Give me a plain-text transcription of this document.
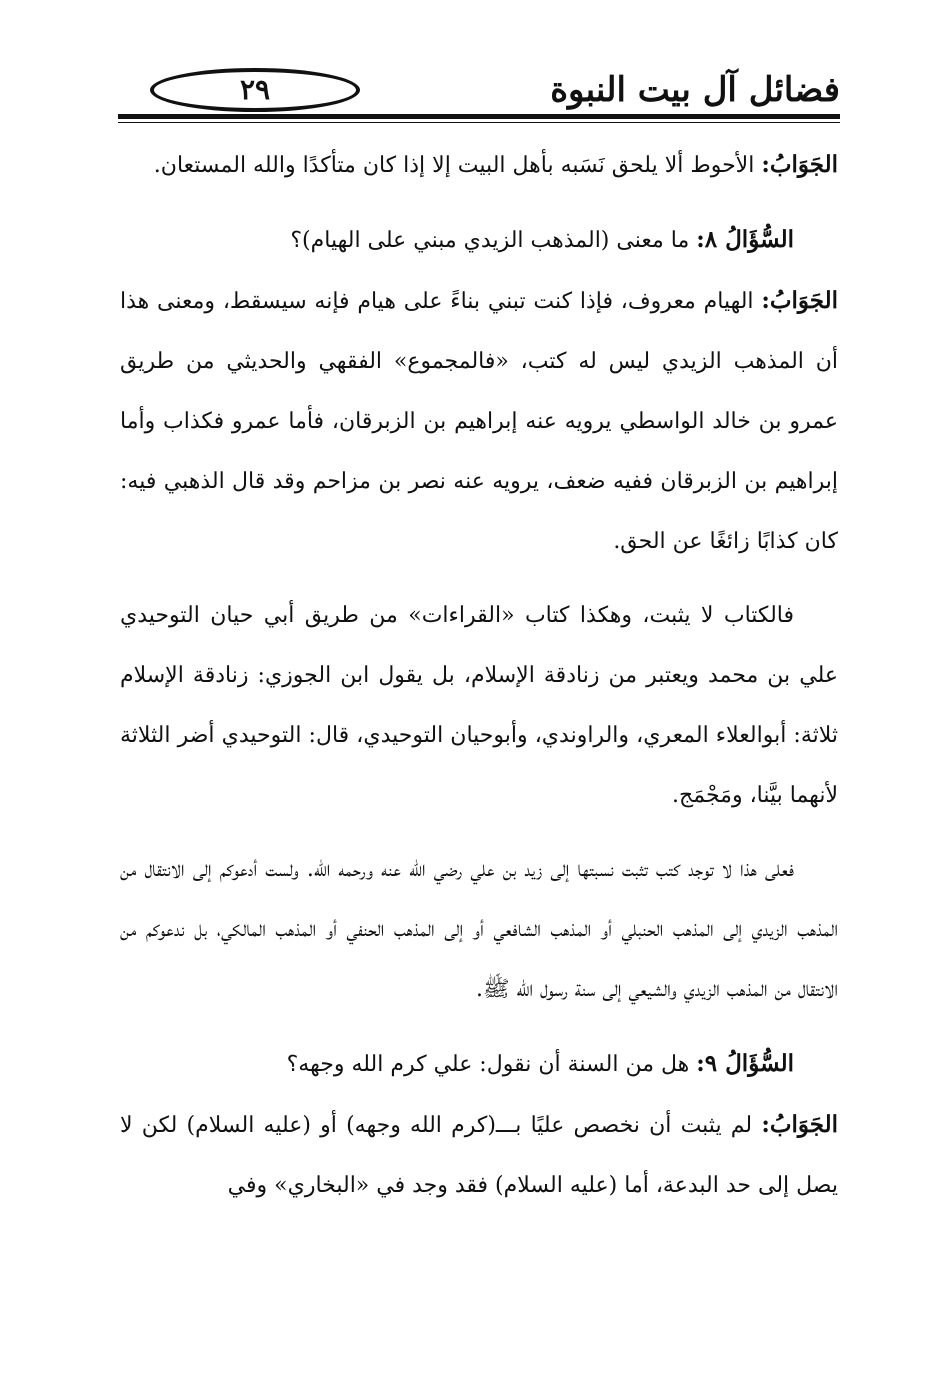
٢٩	فضائل آل بيت النبوة

الجَوَابُ: الأحوط ألا يلحق نَسَبه بأهل البيت إلا إذا كان متأكدًا والله المستعان.

السُّؤَالُ ٨: ما معنى (المذهب الزيدي مبني على الهيام)؟

الجَوَابُ: الهيام معروف، فإذا كنت تبني بناءً على هيام فإنه سيسقط، ومعنى هذا أن المذهب الزيدي ليس له كتب، «فالمجموع» الفقهي والحديثي من طريق عمرو بن خالد الواسطي يرويه عنه إبراهيم بن الزبرقان، فأما عمرو فكذاب وأما إبراهيم بن الزبرقان ففيه ضعف، يرويه عنه نصر بن مزاحم وقد قال الذهبي فيه: كان كذابًا زائغًا عن الحق.

فالكتاب لا يثبت، وهكذا كتاب «القراءات» من طريق أبي حيان التوحيدي علي بن محمد ويعتبر من زنادقة الإسلام، بل يقول ابن الجوزي: زنادقة الإسلام ثلاثة: أبوالعلاء المعري، والراوندي، وأبوحيان التوحيدي، قال: التوحيدي أضر الثلاثة لأنهما بيَّنا، ومَجْمَج.

فعلى هذا لا توجد كتب تثبت نسبتها إلى زيد بن علي رضي الله عنه ورحمه الله. ولست أدعوكم إلى الانتقال من المذهب الزيدي إلى المذهب الحنبلي أو المذهب الشافعي أو إلى المذهب الحنفي أو المذهب المالكي، بل ندعوكم من الانتقال من المذهب الزيدي والشيعي إلى سنة رسول الله ﷺ.

السُّؤَالُ ٩: هل من السنة أن نقول: علي كرم الله وجهه؟

الجَوَابُ: لم يثبت أن نخصص عليًا بـــ(كرم الله وجهه) أو (عليه السلام) لكن لا يصل إلى حد البدعة، أما (عليه السلام) فقد وجد في «البخاري» وفي
